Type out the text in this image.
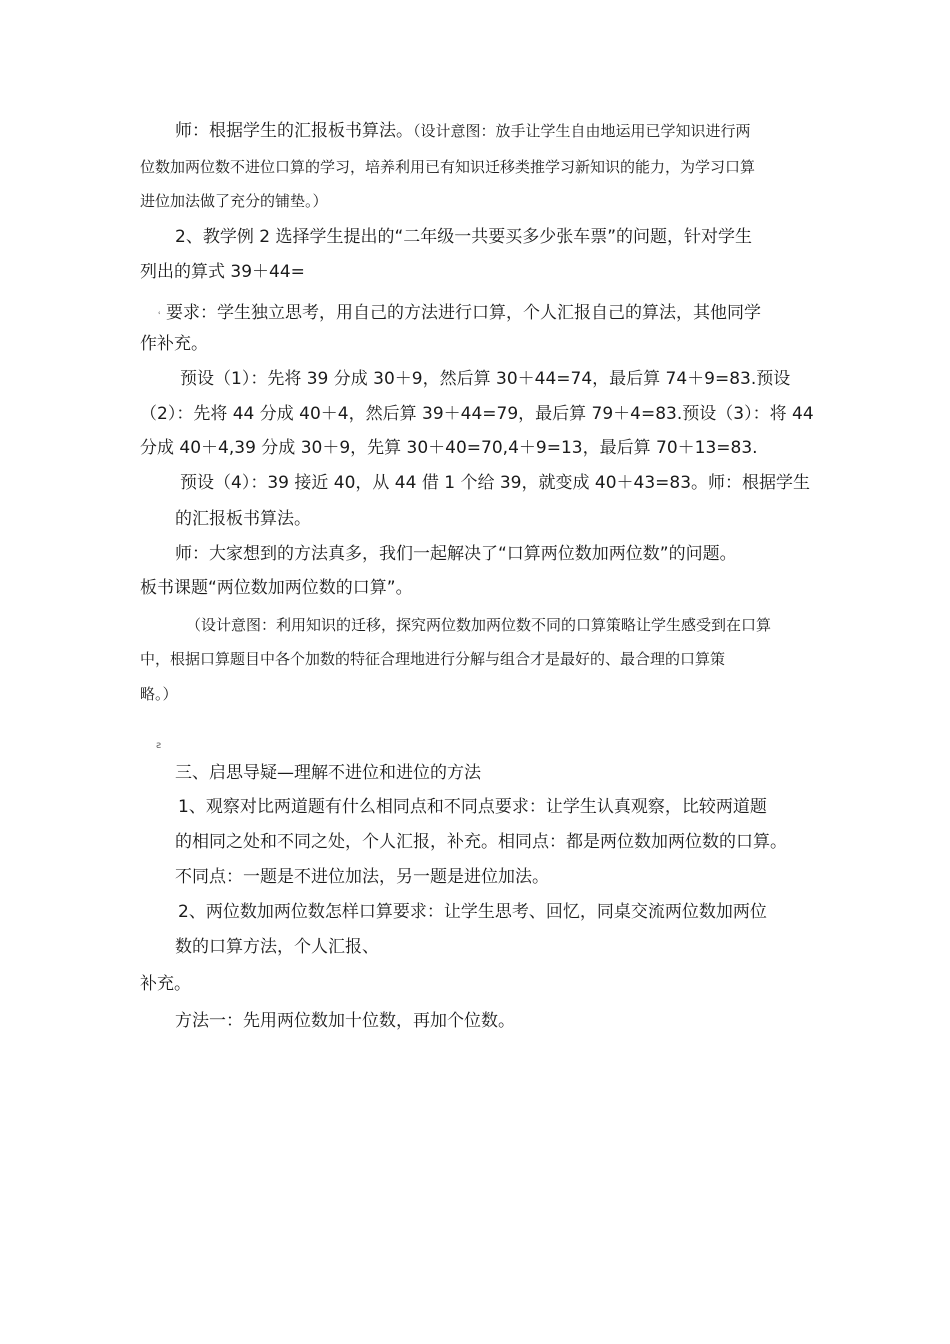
师：根据学生的汇报板书算法。（设计意图：放手让学生自由地运用已学知识进行两
位数加两位数不进位口算的学习，培养利用已有知识迁移类推学习新知识的能力，为学习口算
进位加法做了充分的铺垫。）
2、教学例 2 选择学生提出的“二年级一共要买多少张车票”的问题，针对学生
列出的算式 39＋44=
ʿ 要求：学生独立思考，用自己的方法进行口算，个人汇报自己的算法，其他同学
作补充。
预设（1）：先将 39 分成 30＋9，然后算 30＋44=74，最后算 74＋9=83.预设
（2）：先将 44 分成 40＋4，然后算 39＋44=79，最后算 79＋4=83.预设（3）：将 44
分成 40＋4,39 分成 30＋9，先算 30＋40=70,4＋9=13，最后算 70＋13=83.
预设（4）：39 接近 40，从 44 借 1 个给 39，就变成 40＋43=83。师：根据学生
的汇报板书算法。
师：大家想到的方法真多，我们一起解决了“口算两位数加两位数”的问题。
板书课题“两位数加两位数的口算”。
（设计意图：利用知识的迁移，探究两位数加两位数不同的口算策略让学生感受到在口算
中，根据口算题目中各个加数的特征合理地进行分解与组合才是最好的、最合理的口算策
略。）
ƨ
三、启思导疑—理解不进位和进位的方法
1、观察对比两道题有什么相同点和不同点要求：让学生认真观察，比较两道题
的相同之处和不同之处，个人汇报，补充。相同点：都是两位数加两位数的口算。
不同点：一题是不进位加法，另一题是进位加法。
2、两位数加两位数怎样口算要求：让学生思考、回忆，同桌交流两位数加两位
数的口算方法，个人汇报、
补充。
方法一：先用两位数加十位数，再加个位数。
